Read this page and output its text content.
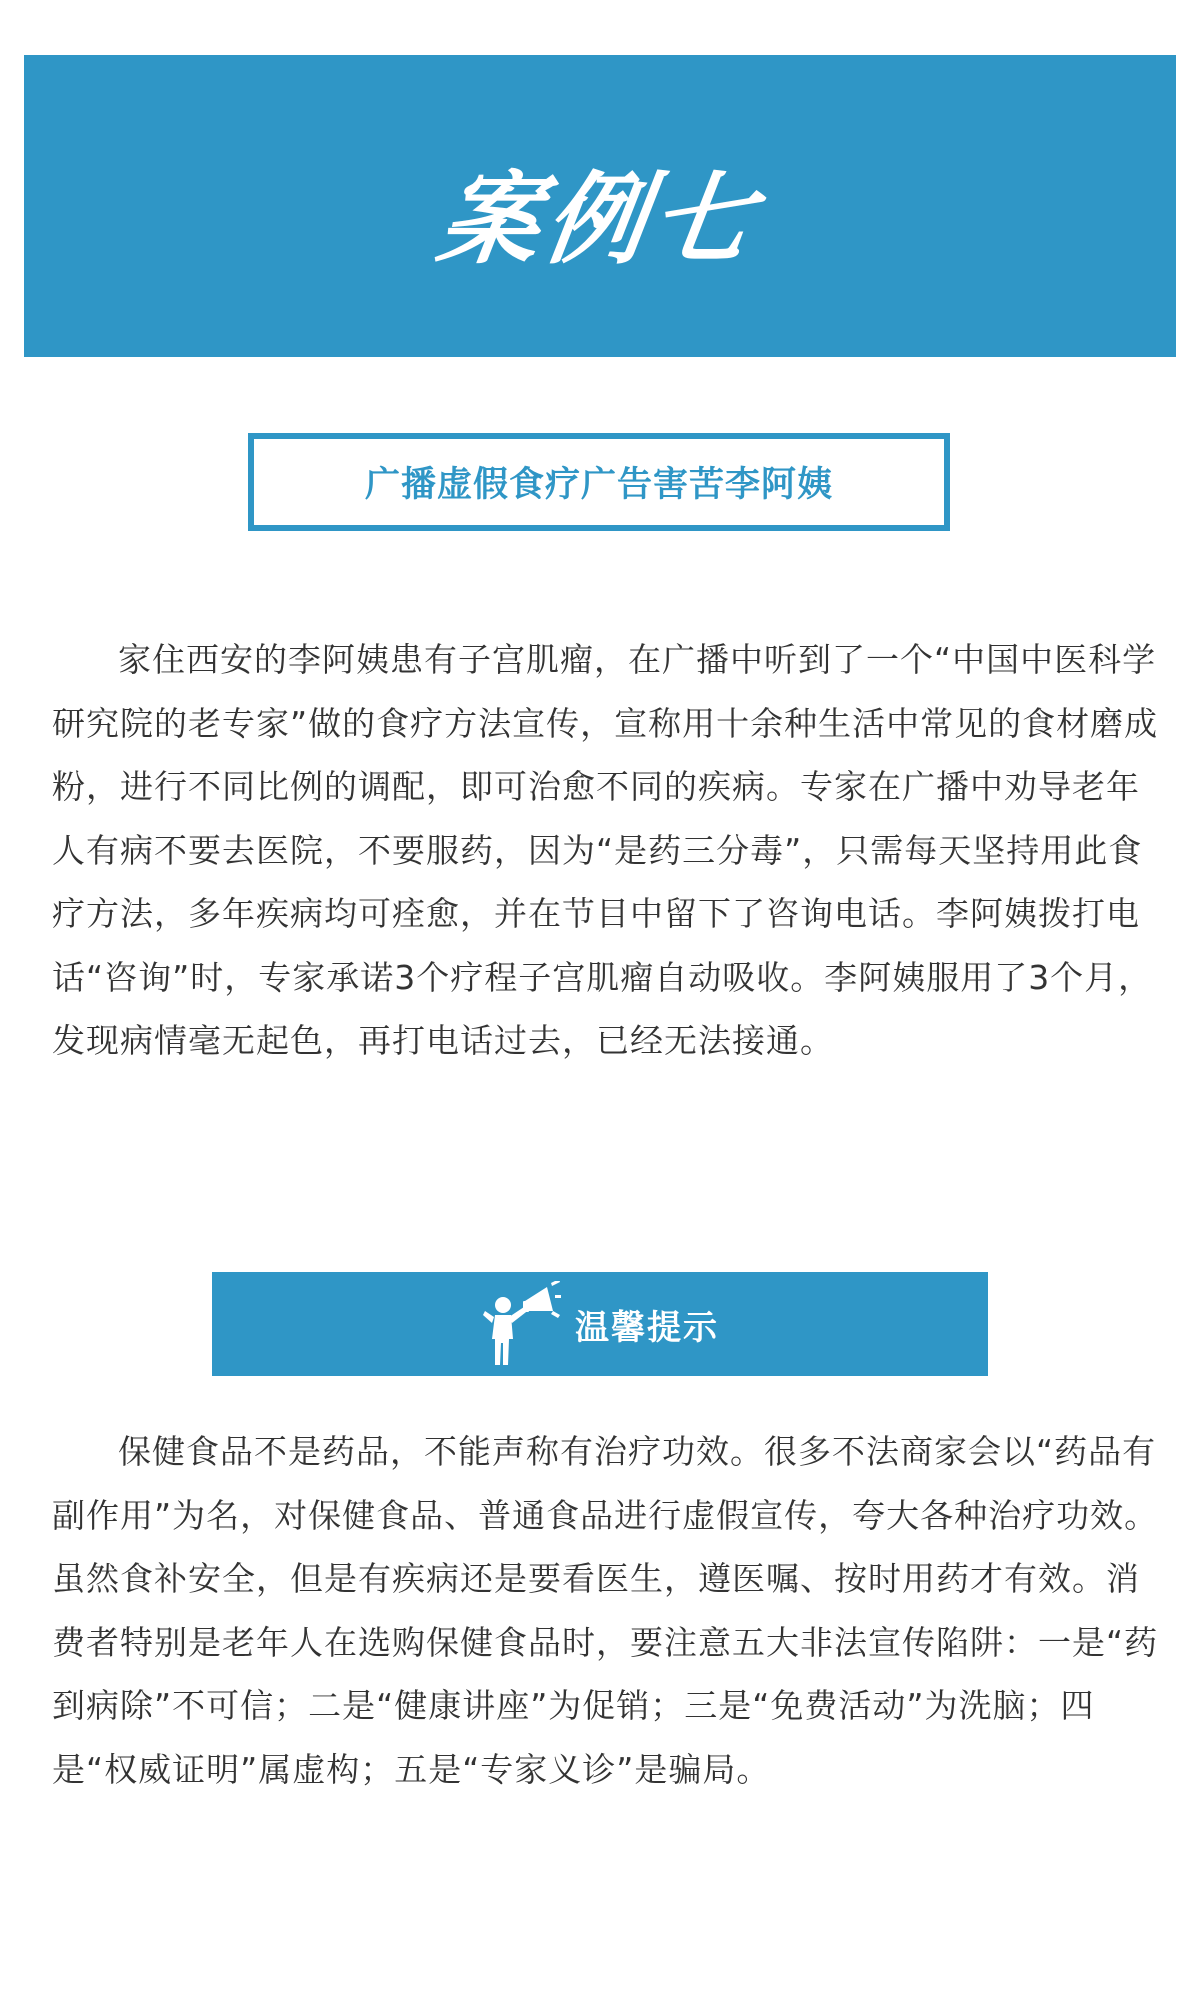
案例七
广播虚假食疗广告害苦李阿姨

家住西安的李阿姨患有子宫肌瘤，在广播中听到了一个“中国中医科学研究院的老专家”做的食疗方法宣传，宣称用十余种生活中常见的食材磨成粉，进行不同比例的调配，即可治愈不同的疾病。专家在广播中劝导老年人有病不要去医院，不要服药，因为“是药三分毒”，只需每天坚持用此食疗方法，多年疾病均可痊愈，并在节目中留下了咨询电话。李阿姨拨打电话“咨询”时，专家承诺3个疗程子宫肌瘤自动吸收。李阿姨服用了3个月，发现病情毫无起色，再打电话过去，已经无法接通。

温馨提示

保健食品不是药品，不能声称有治疗功效。很多不法商家会以“药品有副作用”为名，对保健食品、普通食品进行虚假宣传，夸大各种治疗功效。虽然食补安全，但是有疾病还是要看医生，遵医嘱、按时用药才有效。消费者特别是老年人在选购保健食品时，要注意五大非法宣传陷阱：一是“药到病除”不可信；二是“健康讲座”为促销；三是“免费活动”为洗脑；四是“权威证明”属虚构；五是“专家义诊”是骗局。
